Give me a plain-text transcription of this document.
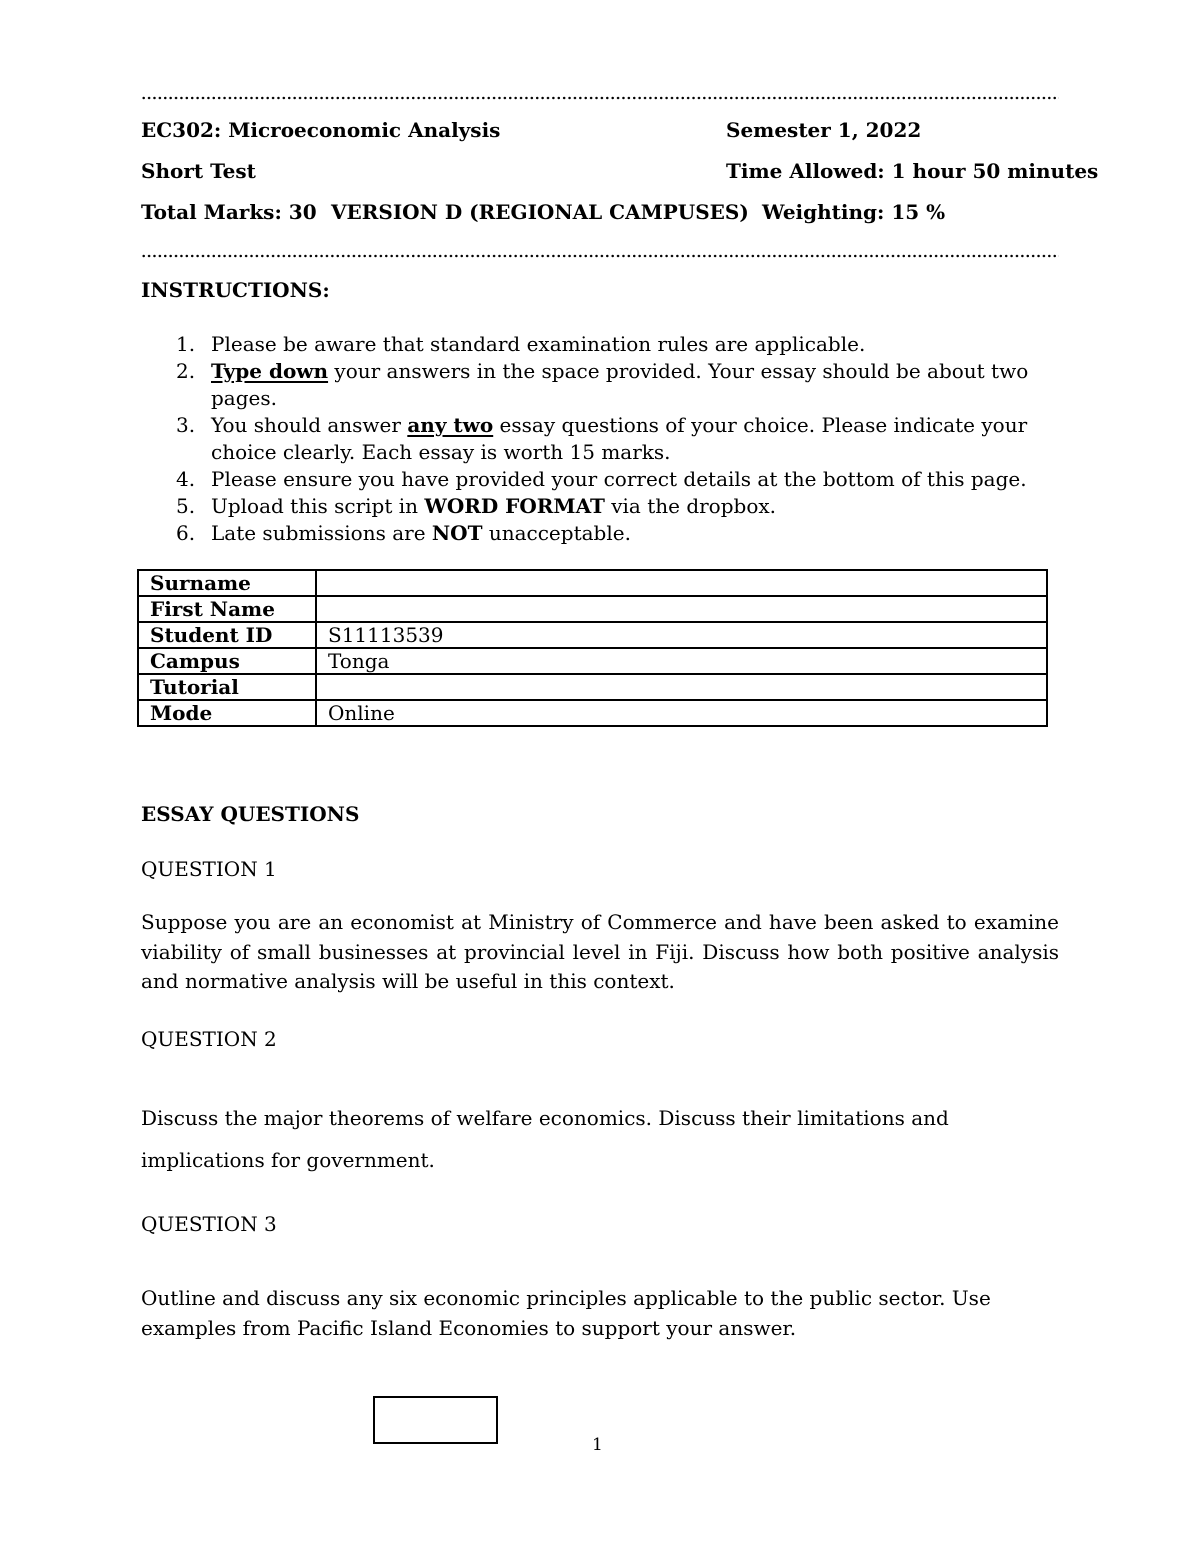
EC302: Microeconomic Analysis	Semester 1, 2022
Short Test	Time Allowed: 1 hour 50 minutes
Total Marks: 30 VERSION D (REGIONAL CAMPUSES) Weighting: 15 %
INSTRUCTIONS:
1. Please be aware that standard examination rules are applicable.
2. Type down your answers in the space provided. Your essay should be about two pages.
3. You should answer any two essay questions of your choice. Please indicate your choice clearly. Each essay is worth 15 marks.
4. Please ensure you have provided your correct details at the bottom of this page.
5. Upload this script in WORD FORMAT via the dropbox.
6. Late submissions are NOT unacceptable.
Surname	
First Name	
Student ID	S11113539
Campus	Tonga
Tutorial	
Mode	Online
ESSAY QUESTIONS
QUESTION 1
Suppose you are an economist at Ministry of Commerce and have been asked to examine viability of small businesses at provincial level in Fiji. Discuss how both positive analysis and normative analysis will be useful in this context.
QUESTION 2
Discuss the major theorems of welfare economics. Discuss their limitations and implications for government.
QUESTION 3
Outline and discuss any six economic principles applicable to the public sector. Use examples from Pacific Island Economies to support your answer.
1
